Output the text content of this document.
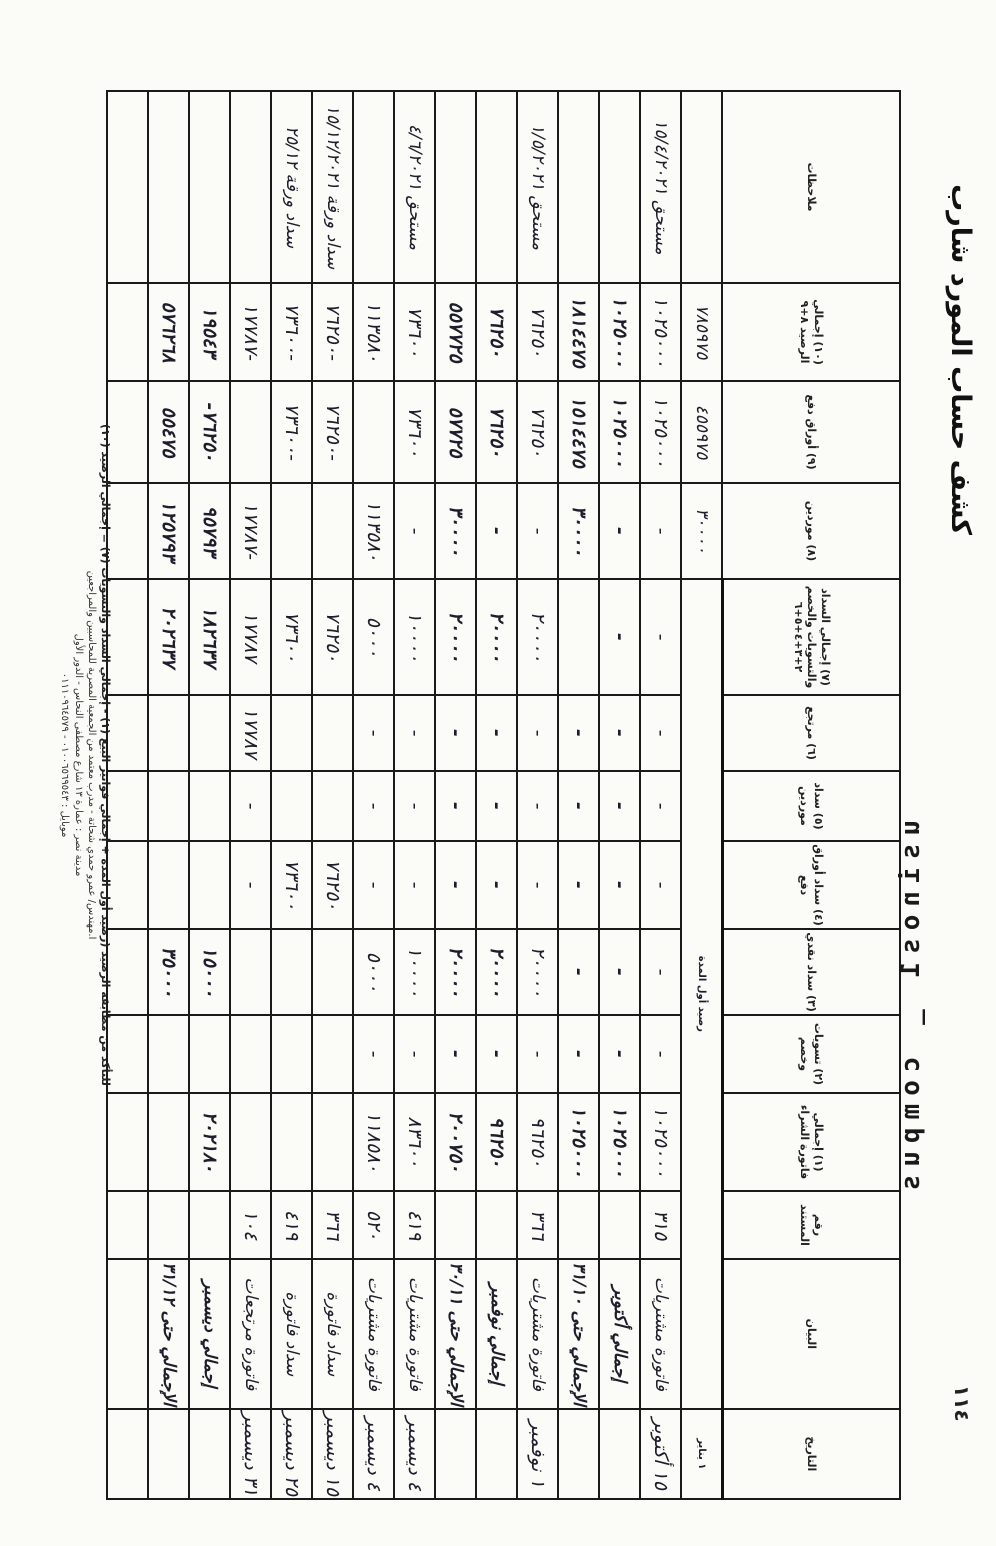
كشف حساب المورد شارب
١١٤
usinos1 _ compus
التاريخ	البيان	رقم المستند	(١) إجمالي فاتورة الشراء	(٢) تسويات وخصم	(٣) سداد نقدي	(٤) سداد أوراق دفع	(٥) سداد موردين	(٦) مرتجع	(٧) إجمالي السداد والتسويات والخصم ٢+٣+٤+٥+٦	(٨) موردين	(٩) أوراق دفع	(١٠) إجمالي الرصيد ٨+٩	ملاحظات
١ يناير	رصيد أول المدة									٣٠٠٠٠	٤٥٥٩٧٥	٧٨٥٩٧٥	
١٥ أكتوبر	فاتورة مشتريات	٣١٥	١٠٢٥٠٠٠	-	-	-	-	-	-	-	١٠٢٥٠٠٠	١٠٢٥٠٠٠	مستحق ١٥/٤/٢٠٢١
	إجمالي أكتوبر		١٠٢٥٠٠٠	-	-	-	-	-	-	-	١٠٢٥٠٠٠	١٠٢٥٠٠٠	
	الإجمالي حتى ٣١/١٠		١٠٢٥٠٠٠	-	-	-	-	-		٣٠٠٠٠	١٥١٤٤٧٥	١٨١٤٤٧٥	
١ نوفمبر	فاتورة مشتريات	٣٦٦	٩٦٢٥٠	-	٢٠٠٠٠	-	-	-	٢٠٠٠٠	-	٧٦٢٥٠	٧٦٢٥٠	مستحق ١/٥/٢٠٢١
	إجمالي نوفمبر		٩٦٢٥٠	-	٢٠٠٠٠	-	-	-	٢٠٠٠٠	-	٧٦٢٥٠	٧٦٢٥٠	
	الإجمالي حتى ٣٠/١١		٢٠٠٧٥٠	-	٢٠٠٠٠	-	-	-	٢٠٠٠٠	٣٠٠٠٠	٥٧٧٢٥	٥٥٧٧٢٥	
٤ ديسمبر	فاتورة مشتريات	٤١٩	٨٣٦٠٠	-	١٠٠٠٠	-	-	-	١٠٠٠٠	-	٧٣٦٠٠	٧٣٦٠٠	مستحق ٤/٦/٢٠٢١
٤ ديسمبر	فاتورة مشتريات	٥٢٠	١١٨٥٨٠	-	٥٠٠٠	-	-	-	٥٠٠٠	١١٣٥٨٠		١١٣٥٨٠	
١٥ ديسمبر	سداد فاتورة	٣٦٦				٧٦٢٥٠			٧٦٢٥٠		-٧٦٢٥٠	-٧٦٢٥٠	سداد ورقة ١٥/١٢/٢٠٢١
٢٥ ديسمبر	سداد فاتورة	٤١٩				٧٣٦٠٠			٧٣٦٠٠		-٧٣٦٠٠	-٧٣٦٠٠	سداد ورقة ٢٥/١٢
٣١ ديسمبر	فاتورة مرتجعات	١٠٤				-	-	١٧٧٨٧	١٧٧٨٧	-١٧٧٨٧		-١٧٧٨٧	
	إجمالي ديسمبر		٢٠٢١٨٠		١٥٠٠٠				١٨٢٦٣٧	٩٥٧٩٣	٧٦٢٥٠-	١٩٥٤٣	
	الإجمالي حتى ٣١/١٢				٣٥٠٠٠				٢٠٢٦٣٧	١٢٥٧٩٣	٥٥٤٧٥	٥٧٦٢٦٨	

للتأكد من مطابقة الرصيد (رصيد أول المدة + إجمالي فواتير البيع (١) - إجمالي السداد والتسويات (٧) = إجمالي الرصيد (١٠)
ا.مهندس/ عمرو حمدي شحاتة - مدرب معتمد من الجمعية المصرية للمحاسبين والمراجعين
مدينة نصر : عمارة ١٣ شارع مصطفى النحاس - الدور الأول
موبايل : ٠١٠٠٦٥٦٩٥٤٣ - ٠١١١٠٩٦٤٥٧٩
